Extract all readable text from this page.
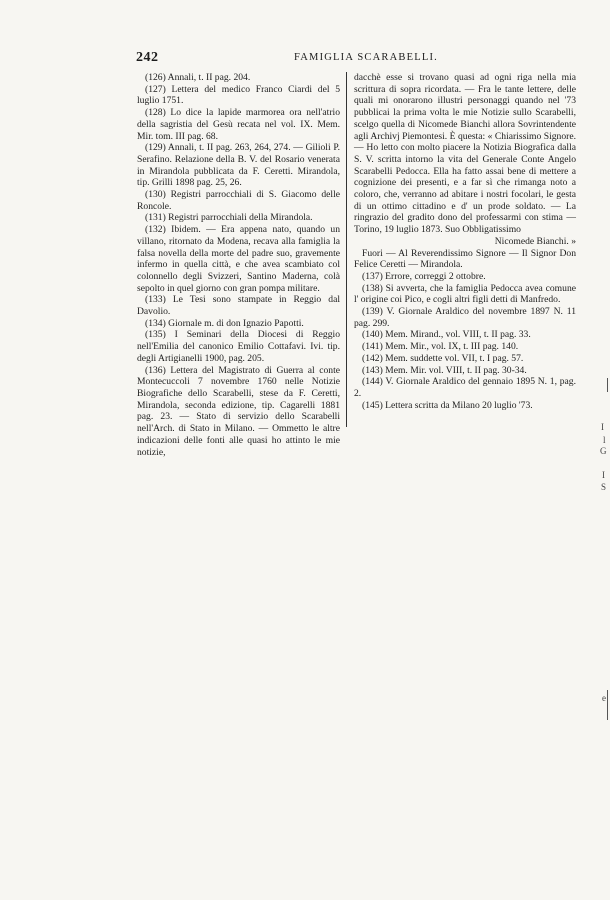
242	FAMIGLIA SCARABELLI.

(126) Annali, t. II pag. 204.

(127) Lettera del medico Franco Ciardi del 5 luglio 1751.

(128) Lo dice la lapide marmorea ora nell'atrio della sagristia del Gesù recata nel vol. IX. Mem. Mir. tom. III pag. 68.

(129) Annali, t. II pag. 263, 264, 274. — Gilioli P. Serafino. Relazione della B. V. del Rosario venerata in Mirandola pubblicata da F. Ceretti. Mirandola, tip. Grilli 1898 pag. 25, 26.

(130) Registri parrocchiali di S. Giacomo delle Roncole.

(131) Registri parrocchiali della Mirandola.

(132) Ibidem. — Era appena nato, quando un villano, ritornato da Modena, recava alla famiglia la falsa novella della morte del padre suo, gravemente infermo in quella città, e che avea scambiato col colonnello degli Svizzeri, Santino Maderna, colà sepolto in quel giorno con gran pompa militare.

(133) Le Tesi sono stampate in Reggio dal Davolio.

(134) Giornale m. di don Ignazio Papotti.

(135) I Seminari della Diocesi di Reggio nell'Emilia del canonico Emilio Cottafavi. Ivi. tip. degli Artigianelli 1900, pag. 205.

(136) Lettera del Magistrato di Guerra al conte Montecuccoli 7 novembre 1760 nelle Notizie Biografiche dello Scarabelli, stese da F. Ceretti, Mirandola, seconda edizione, tip. Cagarelli 1881 pag. 23. — Stato di servizio dello Scarabelli nell'Arch. di Stato in Milano. — Ommetto le altre indicazioni delle fonti alle quasi ho attinto le mie notizie,

dacchè esse si trovano quasi ad ogni riga nella mia scrittura di sopra ricordata. — Fra le tante lettere, delle quali mi onorarono illustri personaggi quando nel '73 pubblicai la prima volta le mie Notizie sullo Scarabelli, scelgo quella di Nicomede Bianchi allora Sovrintendente agli Archivj Piemontesi. È questa: « Chiarissimo Signore. — Ho letto con molto piacere la Notizia Biografica dalla S. V. scritta intorno la vita del Generale Conte Angelo Scarabelli Pedocca. Ella ha fatto assai bene di mettere a cognizione dei presenti, e a far sì che rimanga noto a coloro, che, verranno ad abitare i nostri focolari, le gesta di un ottimo cittadino e d' un prode soldato. — La ringrazio del gradito dono del professarmi con stima — Torino, 19 luglio 1873. Suo Obbligatissimo

Nicomede Bianchi. »

Fuori — Al Reverendissimo Signore — Il Signor Don Felice Ceretti — Mirandola.

(137) Errore, correggi 2 ottobre.

(138) Si avverta, che la famiglia Pedocca avea comune l' origine coi Pico, e cogli altri figli detti di Manfredo.

(139) V. Giornale Araldico del novembre 1897 N. 11 pag. 299.

(140) Mem. Mirand., vol. VIII, t. II pag. 33.

(141) Mem. Mir., vol. IX, t. III pag. 140.

(142) Mem. suddette vol. VII, t. I pag. 57.

(143) Mem. Mir. vol. VIII, t. II pag. 30-34.

(144) V. Giornale Araldico del gennaio 1895 N. 1, pag. 2.

(145) Lettera scritta da Milano 20 luglio '73.

I
l
G
I
S
e
